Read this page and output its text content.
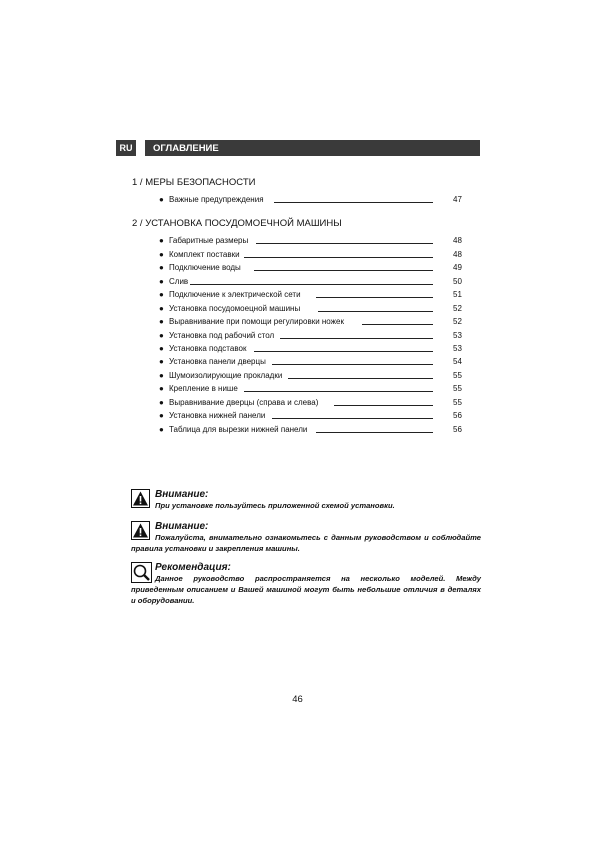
RU	ОГЛАВЛЕНИЕ
1 / МЕРЫ БЕЗОПАСНОСТИ
● Важные предупреждения	47
2 / УСТАНОВКА ПОСУДОМОЕЧНОЙ МАШИНЫ
● Габаритные размеры	48
● Комплект поставки	48
● Подключение воды	49
● Слив	50
● Подключение к электрической сети	51
● Установка посудомоецной машины	52
● Выравнивание при помощи регулировки ножек	52
● Установка под рабочий стол	53
● Установка подставок	53
● Установка панели дверцы	54
● Шумоизолирующие прокладки	55
● Крепление в нише	55
● Выравнивание дверцы (справа и слева)	55
● Установка нижней панели	56
● Таблица для вырезки нижней панели	56
Внимание:
При установке пользуйтесь приложенной схемой установки.
Внимание:
Пожалуйста, внимательно ознакомьтесь с данным руководством и соблюдайте правила установки и закрепления машины.
Рекомендация:
Данное руководство распространяется на несколько моделей. Между приведенным описанием и Вашей машиной могут быть небольшие отличия в деталях и оборудовании.
46
